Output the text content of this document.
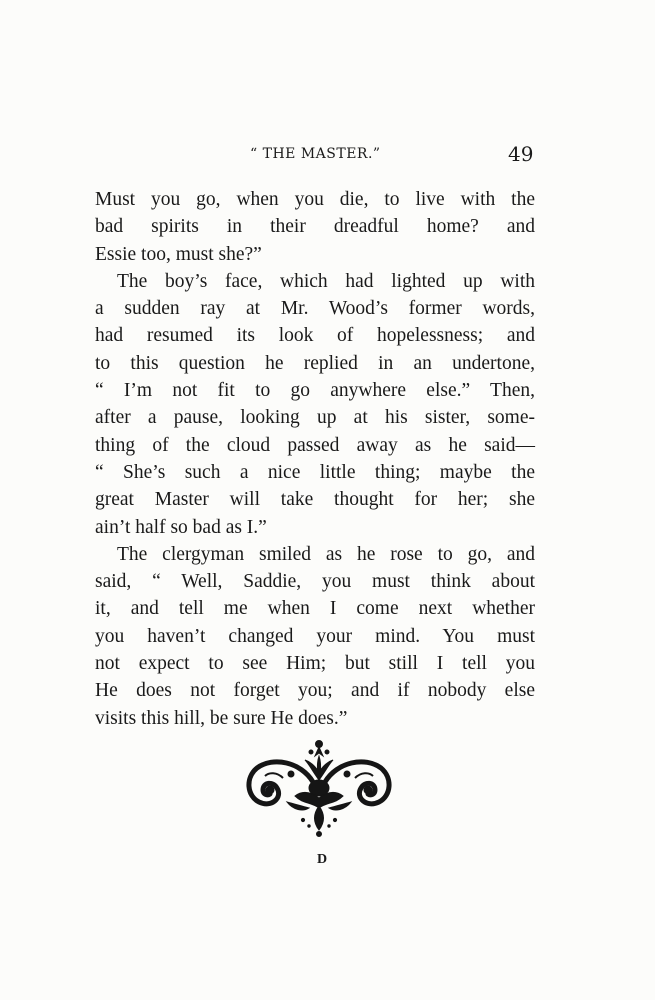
“ THE MASTER.”	49
Must you go, when you die, to live with the
bad spirits in their dreadful home? and
Essie too, must she?”
The boy’s face, which had lighted up with
a sudden ray at Mr. Wood’s former words,
had resumed its look of hopelessness; and
to this question he replied in an undertone,
“ I’m not fit to go anywhere else.” Then,
after a pause, looking up at his sister, some-
thing of the cloud passed away as he said—
“ She’s such a nice little thing; maybe the
great Master will take thought for her; she
ain’t half so bad as I.”
The clergyman smiled as he rose to go, and
said, “ Well, Saddie, you must think about
it, and tell me when I come next whether
you haven’t changed your mind. You must
not expect to see Him; but still I tell you
He does not forget you; and if nobody else
visits this hill, be sure He does.”
D
